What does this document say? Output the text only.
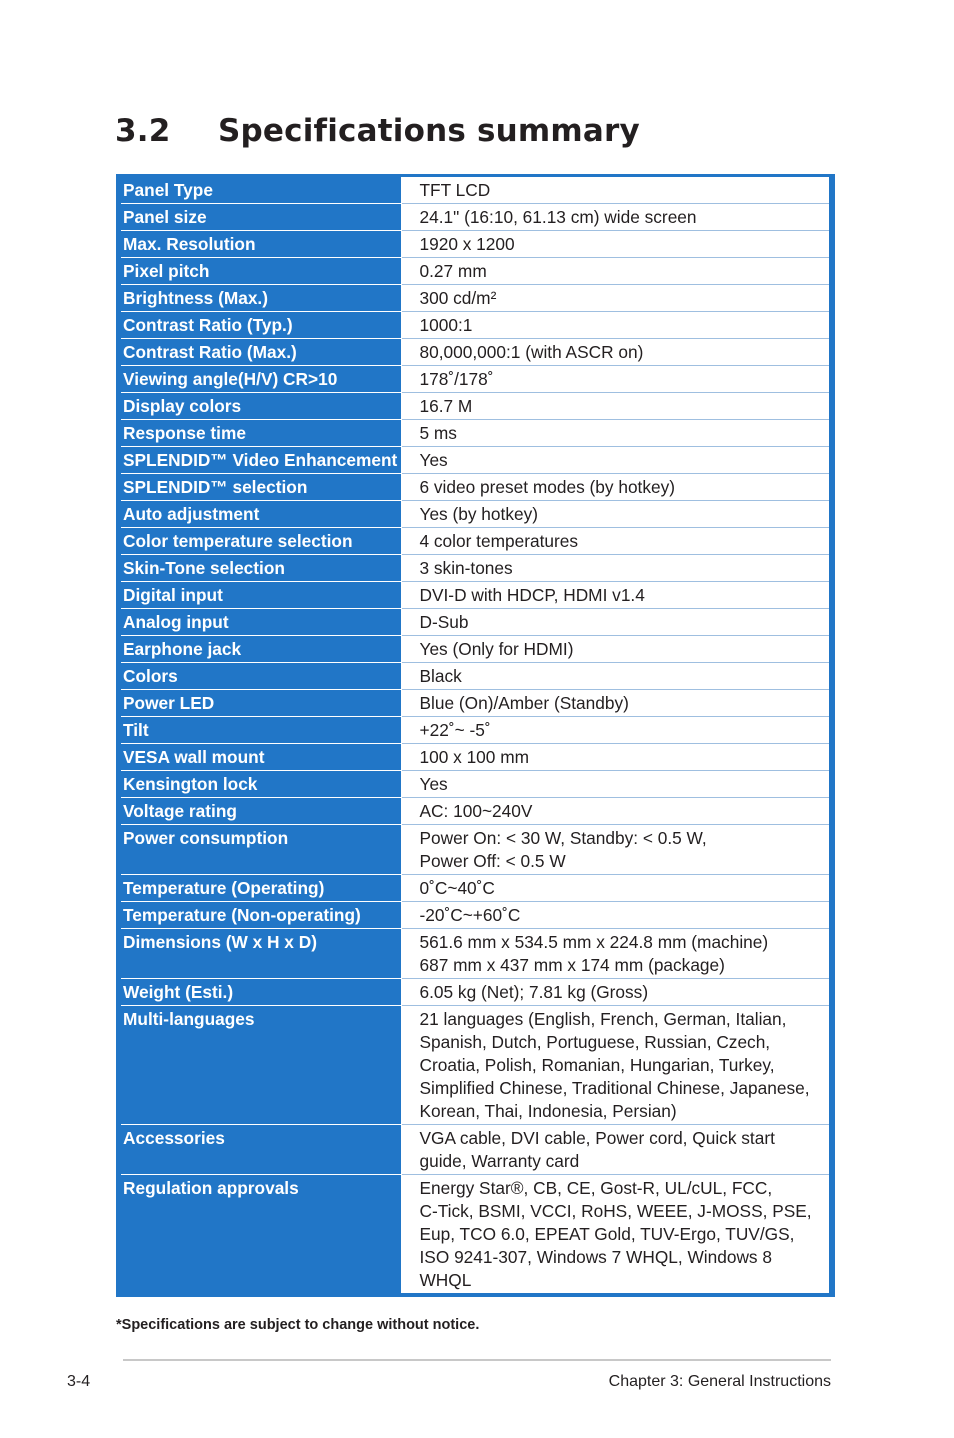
3.2 Specifications summary
Panel Type	TFT LCD

Panel size	24.1" (16:10, 61.13 cm) wide screen

Max. Resolution	1920 x 1200

Pixel pitch	0.27 mm

Brightness (Max.)	300 cd/m²

Contrast Ratio (Typ.)	1000:1

Contrast Ratio (Max.)	80,000,000:1 (with ASCR on)

Viewing angle(H/V) CR>10	178˚/178˚

Display colors	16.7 M

Response time	5 ms

SPLENDID™ Video Enhancement	Yes

SPLENDID™ selection	6 video preset modes (by hotkey)

Auto adjustment	Yes (by hotkey)

Color temperature selection	4 color temperatures

Skin-Tone selection	3 skin-tones

Digital input	DVI-D with HDCP, HDMI v1.4

Analog input	D-Sub

Earphone jack	Yes (Only for HDMI)

Colors	Black

Power LED	Blue (On)/Amber (Standby)

Tilt	+22˚~ -5˚

VESA wall mount	100 x 100 mm

Kensington lock	Yes

Voltage rating	AC: 100~240V

Power consumption	Power On: < 30 W, Standby: < 0.5 W,
Power Off: < 0.5 W

Temperature (Operating)	0˚C~40˚C

Temperature (Non-operating)	-20˚C~+60˚C

Dimensions (W x H x D)	561.6 mm x 534.5 mm x 224.8 mm (machine)
687 mm x 437 mm x 174 mm (package)

Weight (Esti.)	6.05 kg (Net); 7.81 kg (Gross)

Multi-languages	21 languages (English, French, German, Italian,
Spanish, Dutch, Portuguese, Russian, Czech,
Croatia, Polish, Romanian, Hungarian, Turkey,
Simplified Chinese, Traditional Chinese, Japanese,
Korean, Thai, Indonesia, Persian)

Accessories	VGA cable, DVI cable, Power cord, Quick start
guide, Warranty card

Regulation approvals	Energy Star®, CB, CE, Gost-R, UL/cUL, FCC,
C-Tick, BSMI, VCCI, RoHS, WEEE, J-MOSS, PSE,
Eup, TCO 6.0, EPEAT Gold, TUV-Ergo, TUV/GS,
ISO 9241-307, Windows 7 WHQL, Windows 8
WHQL
*Specifications are subject to change without notice.
3-4	Chapter 3: General Instructions
